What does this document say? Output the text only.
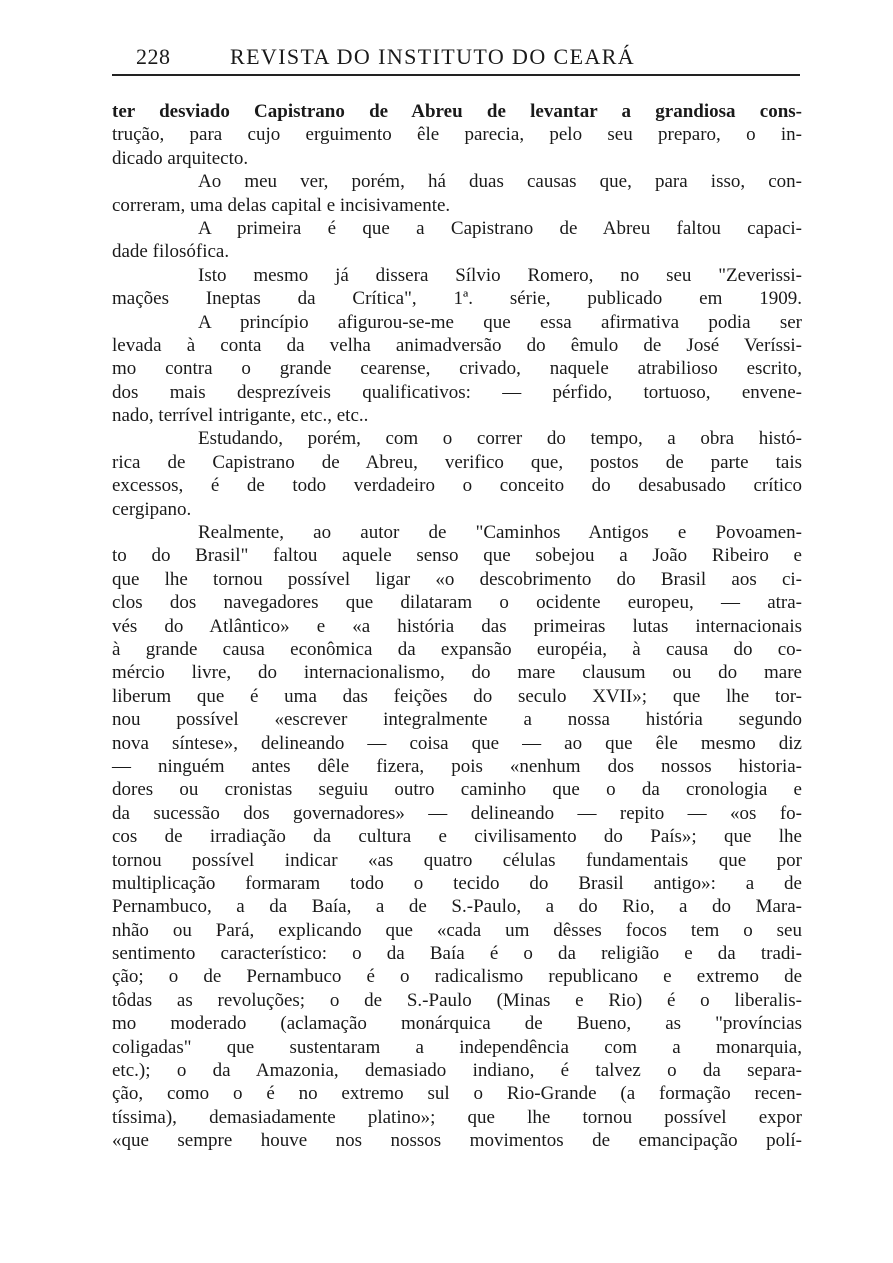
228	REVISTA DO INSTITUTO DO CEARÁ
ter desviado Capistrano de Abreu de levantar a grandiosa cons-
trução, para cujo erguimento êle parecia, pelo seu preparo, o in-
dicado arquitecto.
Ao meu ver, porém, há duas causas que, para isso, con-
correram, uma delas capital e incisivamente.
A primeira é que a Capistrano de Abreu faltou capaci-
dade filosófica.
Isto mesmo já dissera Sílvio Romero, no seu "Zeverissi-
mações Ineptas da Crítica", 1ª. série, publicado em 1909.
A princípio afigurou-se-me que essa afirmativa podia ser
levada à conta da velha animadversão do êmulo de José Veríssi-
mo contra o grande cearense, crivado, naquele atrabilioso escrito,
dos mais desprezíveis qualificativos: — pérfido, tortuoso, envene-
nado, terrível intrigante, etc., etc..
Estudando, porém, com o correr do tempo, a obra histó-
rica de Capistrano de Abreu, verifico que, postos de parte tais
excessos, é de todo verdadeiro o conceito do desabusado crítico
cergipano.
Realmente, ao autor de "Caminhos Antigos e Povoamen-
to do Brasil" faltou aquele senso que sobejou a João Ribeiro e
que lhe tornou possível ligar «o descobrimento do Brasil aos ci-
clos dos navegadores que dilataram o ocidente europeu, — atra-
vés do Atlântico» e «a história das primeiras lutas internacionais
à grande causa econômica da expansão européia, à causa do co-
mércio livre, do internacionalismo, do mare clausum ou do mare
liberum que é uma das feições do seculo XVII»; que lhe tor-
nou possível «escrever integralmente a nossa história segundo
nova síntese», delineando — coisa que — ao que êle mesmo diz
— ninguém antes dêle fizera, pois «nenhum dos nossos historia-
dores ou cronistas seguiu outro caminho que o da cronologia e
da sucessão dos governadores» — delineando — repito — «os fo-
cos de irradiação da cultura e civilisamento do País»; que lhe
tornou possível indicar «as quatro células fundamentais que por
multiplicação formaram todo o tecido do Brasil antigo»: a de
Pernambuco, a da Baía, a de S.-Paulo, a do Rio, a do Mara-
nhão ou Pará, explicando que «cada um dêsses focos tem o seu
sentimento característico: o da Baía é o da religião e da tradi-
ção; o de Pernambuco é o radicalismo republicano e extremo de
tôdas as revoluções; o de S.-Paulo (Minas e Rio) é o liberalis-
mo moderado (aclamação monárquica de Bueno, as "províncias
coligadas" que sustentaram a independência com a monarquia,
etc.); o da Amazonia, demasiado indiano, é talvez o da separa-
ção, como o é no extremo sul o Rio-Grande (a formação recen-
tíssima), demasiadamente platino»; que lhe tornou possível expor
«que sempre houve nos nossos movimentos de emancipação polí-
